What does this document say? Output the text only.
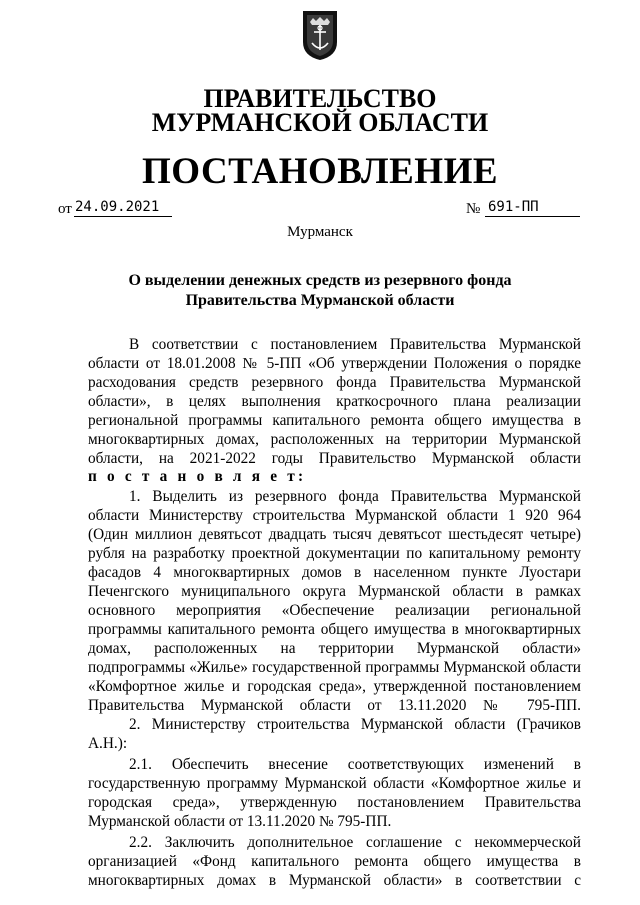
ПРАВИТЕЛЬСТВО
МУРМАНСКОЙ ОБЛАСТИ
ПОСТАНОВЛЕНИЕ
от 24.09.2021	№ 691-ПП
Мурманск
О выделении денежных средств из резервного фонда
Правительства Мурманской области
В соответствии с постановлением Правительства Мурманской
области от 18.01.2008 № 5-ПП «Об утверждении Положения о порядке
расходования средств резервного фонда Правительства Мурманской
области», в целях выполнения краткосрочного плана реализации
региональной программы капитального ремонта общего имущества в
многоквартирных домах, расположенных на территории Мурманской
области, на 2021-2022 годы Правительство Мурманской области
п о с т а н о в л я е т:
1. Выделить из резервного фонда Правительства Мурманской
области Министерству строительства Мурманской области 1 920 964
(Один миллион девятьсот двадцать тысяч девятьсот шестьдесят четыре)
рубля на разработку проектной документации по капитальному ремонту
фасадов 4 многоквартирных домов в населенном пункте Луостари
Печенгского муниципального округа Мурманской области в рамках
основного мероприятия «Обеспечение реализации региональной
программы капитального ремонта общего имущества в многоквартирных
домах, расположенных на территории Мурманской области»
подпрограммы «Жилье» государственной программы Мурманской области
«Комфортное жилье и городская среда», утвержденной постановлением
Правительства Мурманской области от 13.11.2020 № 795-ПП.
2. Министерству строительства Мурманской области (Грачиков
А.Н.):
2.1. Обеспечить внесение соответствующих изменений в
государственную программу Мурманской области «Комфортное жилье и
городская среда», утвержденную постановлением Правительства
Мурманской области от 13.11.2020 № 795-ПП.
2.2. Заключить дополнительное соглашение с некоммерческой
организацией «Фонд капитального ремонта общего имущества в
многоквартирных домах в Мурманской области» в соответствии с
